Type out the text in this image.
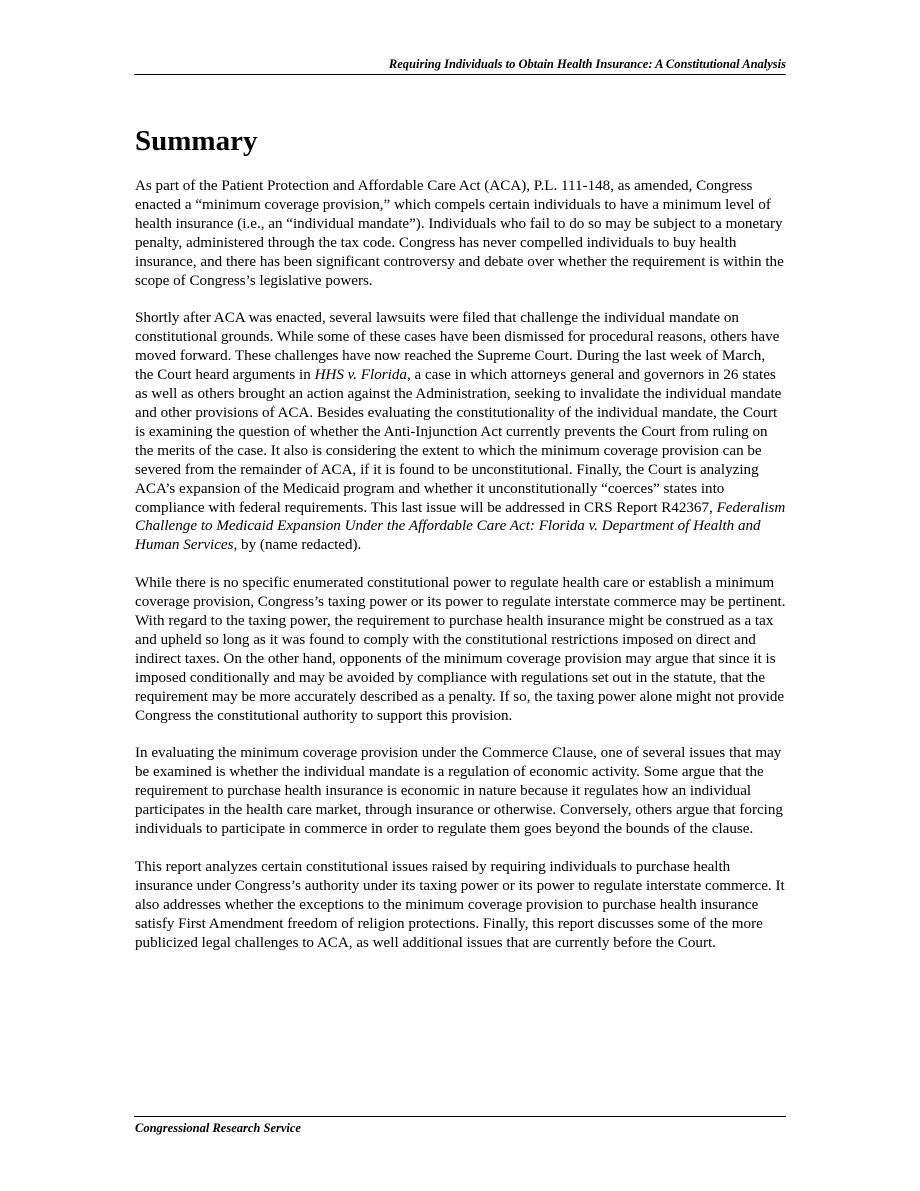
Requiring Individuals to Obtain Health Insurance: A Constitutional Analysis
Summary

As part of the Patient Protection and Affordable Care Act (ACA), P.L. 111-148, as amended, Congress enacted a “minimum coverage provision,” which compels certain individuals to have a minimum level of health insurance (i.e., an “individual mandate”). Individuals who fail to do so may be subject to a monetary penalty, administered through the tax code. Congress has never compelled individuals to buy health insurance, and there has been significant controversy and debate over whether the requirement is within the scope of Congress’s legislative powers.

Shortly after ACA was enacted, several lawsuits were filed that challenge the individual mandate on constitutional grounds. While some of these cases have been dismissed for procedural reasons, others have moved forward. These challenges have now reached the Supreme Court. During the last week of March, the Court heard arguments in HHS v. Florida, a case in which attorneys general and governors in 26 states as well as others brought an action against the Administration, seeking to invalidate the individual mandate and other provisions of ACA. Besides evaluating the constitutionality of the individual mandate, the Court is examining the question of whether the Anti-Injunction Act currently prevents the Court from ruling on the merits of the case. It also is considering the extent to which the minimum coverage provision can be severed from the remainder of ACA, if it is found to be unconstitutional. Finally, the Court is analyzing ACA’s expansion of the Medicaid program and whether it unconstitutionally “coerces” states into compliance with federal requirements. This last issue will be addressed in CRS Report R42367, Federalism Challenge to Medicaid Expansion Under the Affordable Care Act: Florida v. Department of Health and Human Services, by (name redacted).

While there is no specific enumerated constitutional power to regulate health care or establish a minimum coverage provision, Congress’s taxing power or its power to regulate interstate commerce may be pertinent. With regard to the taxing power, the requirement to purchase health insurance might be construed as a tax and upheld so long as it was found to comply with the constitutional restrictions imposed on direct and indirect taxes. On the other hand, opponents of the minimum coverage provision may argue that since it is imposed conditionally and may be avoided by compliance with regulations set out in the statute, that the requirement may be more accurately described as a penalty. If so, the taxing power alone might not provide Congress the constitutional authority to support this provision.

In evaluating the minimum coverage provision under the Commerce Clause, one of several issues that may be examined is whether the individual mandate is a regulation of economic activity. Some argue that the requirement to purchase health insurance is economic in nature because it regulates how an individual participates in the health care market, through insurance or otherwise. Conversely, others argue that forcing individuals to participate in commerce in order to regulate them goes beyond the bounds of the clause.

This report analyzes certain constitutional issues raised by requiring individuals to purchase health insurance under Congress’s authority under its taxing power or its power to regulate interstate commerce. It also addresses whether the exceptions to the minimum coverage provision to purchase health insurance satisfy First Amendment freedom of religion protections. Finally, this report discusses some of the more publicized legal challenges to ACA, as well additional issues that are currently before the Court.

Congressional Research Service
